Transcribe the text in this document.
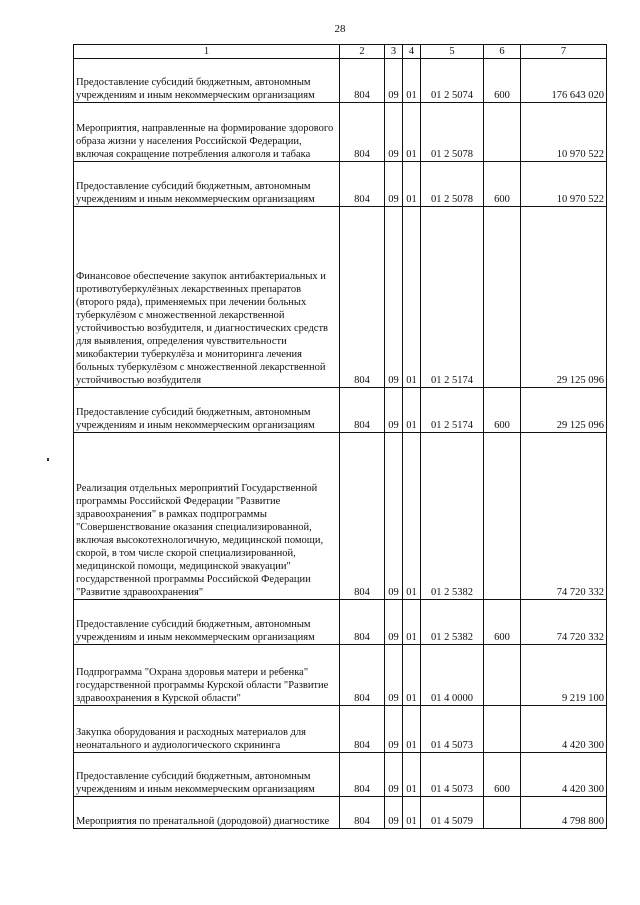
28
1	2	3	4	5	6	7
Предоставление субсидий бюджетным, автономным учреждениям и иным некоммерческим организациям	804	09	01	01 2 5074	600	176 643 020
Мероприятия, направленные на формирование здорового образа жизни у населения Российской Федерации, включая сокращение потребления алкоголя и табака	804	09	01	01 2 5078		10 970 522
Предоставление субсидий бюджетным, автономным учреждениям и иным некоммерческим организациям	804	09	01	01 2 5078	600	10 970 522
Финансовое обеспечение закупок антибактериальных и противотуберкулёзных лекарственных препаратов (второго ряда), применяемых при лечении больных туберкулёзом с множественной лекарственной устойчивостью возбудителя, и диагностических средств для выявления, определения чувствительности микобактерии туберкулёза и мониторинга лечения больных туберкулёзом с множественной лекарственной устойчивостью возбудителя	804	09	01	01 2 5174		29 125 096
Предоставление субсидий бюджетным, автономным учреждениям и иным некоммерческим организациям	804	09	01	01 2 5174	600	29 125 096
Реализация отдельных мероприятий Государственной программы Российской Федерации "Развитие здравоохранения" в рамках подпрограммы "Совершенствование оказания специализированной, включая высокотехнологичную, медицинской помощи, скорой, в том числе скорой специализированной, медицинской помощи, медицинской эвакуации" государственной программы Российской Федерации "Развитие здравоохранения"	804	09	01	01 2 5382		74 720 332
Предоставление субсидий бюджетным, автономным учреждениям и иным некоммерческим организациям	804	09	01	01 2 5382	600	74 720 332
Подпрограмма "Охрана здоровья матери и ребенка" государственной программы Курской области "Развитие здравоохранения в Курской области"	804	09	01	01 4 0000		9 219 100
Закупка оборудования и расходных материалов для неонатального и аудиологического скрининга	804	09	01	01 4 5073		4 420 300
Предоставление субсидий бюджетным, автономным учреждениям и иным некоммерческим организациям	804	09	01	01 4 5073	600	4 420 300
Мероприятия по пренатальной (дородовой) диагностике	804	09	01	01 4 5079		4 798 800
